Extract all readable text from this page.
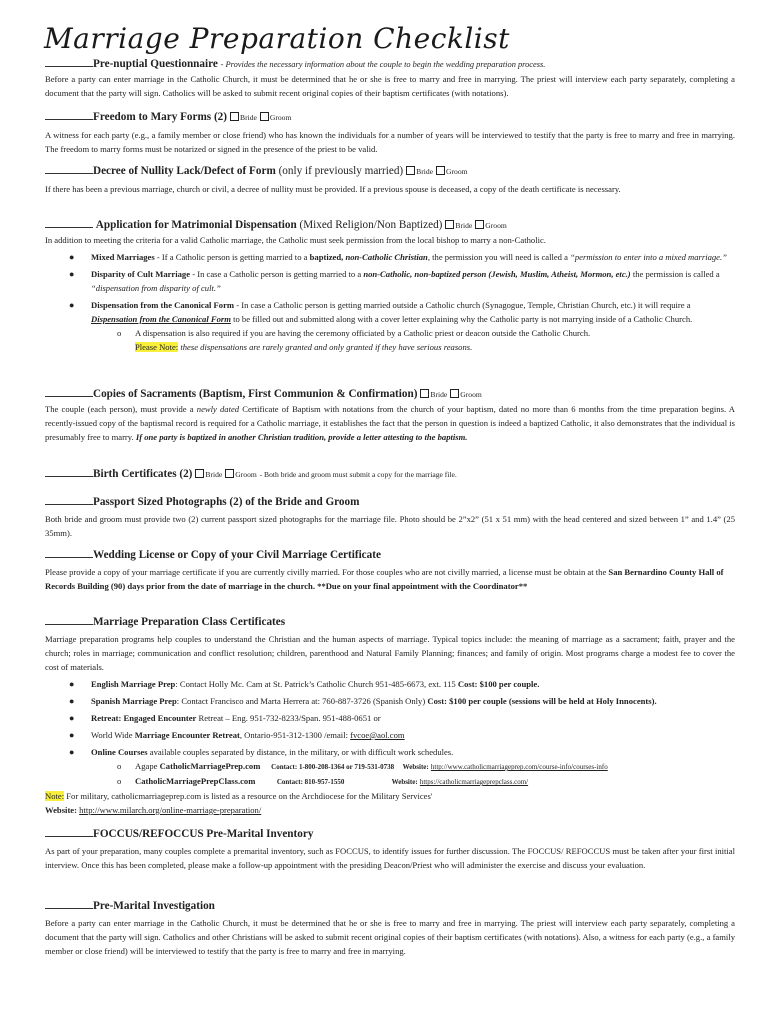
Marriage Preparation Checklist
Pre-nuptial Questionnaire - Provides the necessary information about the couple to begin the wedding preparation process.
Before a party can enter marriage in the Catholic Church, it must be determined that he or she is free to marry and free in marrying. The priest will interview each party separately, completing a document that the party will sign. Catholics will be asked to submit recent original copies of their baptism certificates (with notations).
Freedom to Mary Forms (2) Bride Groom
A witness for each party (e.g., a family member or close friend) who has known the individuals for a number of years will be interviewed to testify that the party is free to marry and free in marrying. The freedom to marry forms must be notarized or signed in the presence of the priest to be valid.
Decree of Nullity Lack/Defect of Form (only if previously married) Bride Groom
If there has been a previous marriage, church or civil, a decree of nullity must be provided. If a previous spouse is deceased, a copy of the death certificate is necessary.
Application for Matrimonial Dispensation (Mixed Religion/Non Baptized) Bride Groom
In addition to meeting the criteria for a valid Catholic marriage, the Catholic must seek permission from the local bishop to marry a non-Catholic.
● Mixed Marriages - If a Catholic person is getting married to a baptized, non-Catholic Christian, the permission you will need is called a “permission to enter into a mixed marriage.”
● Disparity of Cult Marriage - In case a Catholic person is getting married to a non-Catholic, non-baptized person (Jewish, Muslim, Atheist, Mormon, etc.) the permission is called a “dispensation from disparity of cult.”
● Dispensation from the Canonical Form - In case a Catholic person is getting married outside a Catholic church (Synagogue, Temple, Christian Church, etc.) it will require a Dispensation from the Canonical Form to be filled out and submitted along with a cover letter explaining why the Catholic party is not marrying inside of a Catholic Church.
o A dispensation is also required if you are having the ceremony officiated by a Catholic priest or deacon outside the Catholic Church.
Please Note: these dispensations are rarely granted and only granted if they have serious reasons.
Copies of Sacraments (Baptism, First Communion & Confirmation) Bride Groom
The couple (each person), must provide a newly dated Certificate of Baptism with notations from the church of your baptism, dated no more than 6 months from the time preparation begins. A recently-issued copy of the baptismal record is required for a Catholic marriage, it establishes the fact that the person in question is indeed a baptized Catholic, it also demonstrates that the individual is presumably free to marry. If one party is baptized in another Christian tradition, provide a letter attesting to the baptism.
Birth Certificates (2) Bride Groom - Both bride and groom must submit a copy for the marriage file.
Passport Sized Photographs (2) of the Bride and Groom
Both bride and groom must provide two (2) current passport sized photographs for the marriage file. Photo should be 2”x2” (51 x 51 mm) with the head centered and sized between 1” and 1.4” (25 35mm).
Wedding License or Copy of your Civil Marriage Certificate
Please provide a copy of your marriage certificate if you are currently civilly married. For those couples who are not civilly married, a license must be obtain at the San Bernardino County Hall of Records Building (90) days prior from the date of marriage in the church. **Due on your final appointment with the Coordinator**
Marriage Preparation Class Certificates
Marriage preparation programs help couples to understand the Christian and the human aspects of marriage. Typical topics include: the meaning of marriage as a sacrament; faith, prayer and the church; roles in marriage; communication and conflict resolution; children, parenthood and Natural Family Planning; finances; and family of origin. Most programs charge a modest fee to cover the cost of materials.
● English Marriage Prep: Contact Holly Mc. Cam at St. Patrick’s Catholic Church 951-485-6673, ext. 115 Cost: $100 per couple.
● Spanish Marriage Prep: Contact Francisco and Marta Herrera at: 760-887-3726 (Spanish Only) Cost: $100 per couple (sessions will be held at Holy Innocents).
● Retreat: Engaged Encounter Retreat – Eng. 951-732-8233/Span. 951-488-0651 or
● World Wide Marriage Encounter Retreat, Ontario-951-312-1300 /email: fvcoe@aol.com
● Online Courses available couples separated by distance, in the military, or with difficult work schedules.
o Agape CatholicMarriagePrep.com Contact: 1-800-208-1364 or 719-531-0738 Website: http://www.catholicmarriageprep.com/course-info/courses-info
o CatholicMarriagePrepClass.com	Contact: 810-957-1550	Website: https://catholicmarriageprepclass.com/
Note: For military, catholicmarriageprep.com is listed as a resource on the Archdiocese for the Military Services'
Website: http://www.milarch.org/online-marriage-preparation/
FOCCUS/REFOCCUS Pre-Marital Inventory
As part of your preparation, many couples complete a premarital inventory, such as FOCCUS, to identify issues for further discussion. The FOCCUS/ REFOCCUS must be taken after your first initial interview. Once this has been completed, please make a follow-up appointment with the presiding Deacon/Priest who will administer the exercise and discuss your evaluation.
Pre-Marital Investigation
Before a party can enter marriage in the Catholic Church, it must be determined that he or she is free to marry and free in marrying. The priest will interview each party separately, completing a document that the party will sign. Catholics and other Christians will be asked to submit recent original copies of their baptism certificates (with notations). Also, a witness for each party (e.g., a family member or close friend) will be interviewed to testify that the party is free to marry and free in marrying.
